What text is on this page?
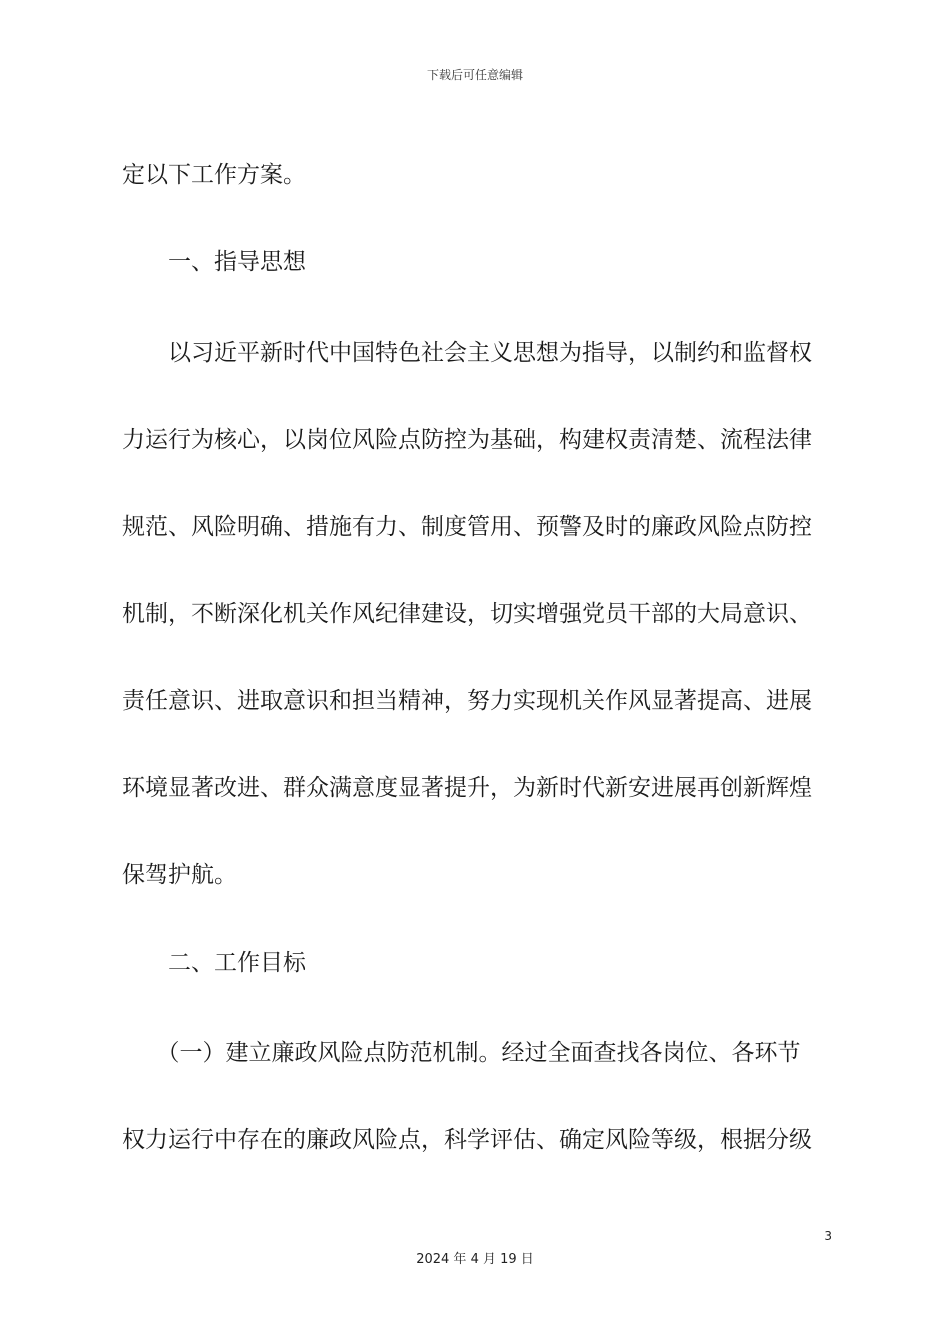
下载后可任意编辑
定以下工作方案。
　　一、指导思想
　　以习近平新时代中国特色社会主义思想为指导，以制约和监督权
力运行为核心，以岗位风险点防控为基础，构建权责清楚、流程法律
规范、风险明确、措施有力、制度管用、预警及时的廉政风险点防控
机制，不断深化机关作风纪律建设，切实增强党员干部的大局意识、
责任意识、进取意识和担当精神，努力实现机关作风显著提高、进展
环境显著改进、群众满意度显著提升，为新时代新安进展再创新辉煌
保驾护航。
　　二、工作目标
　　（一）建立廉政风险点防范机制。经过全面查找各岗位、各环节
权力运行中存在的廉政风险点，科学评估、确定风险等级，根据分级
3
2024 年 4 月 19 日
